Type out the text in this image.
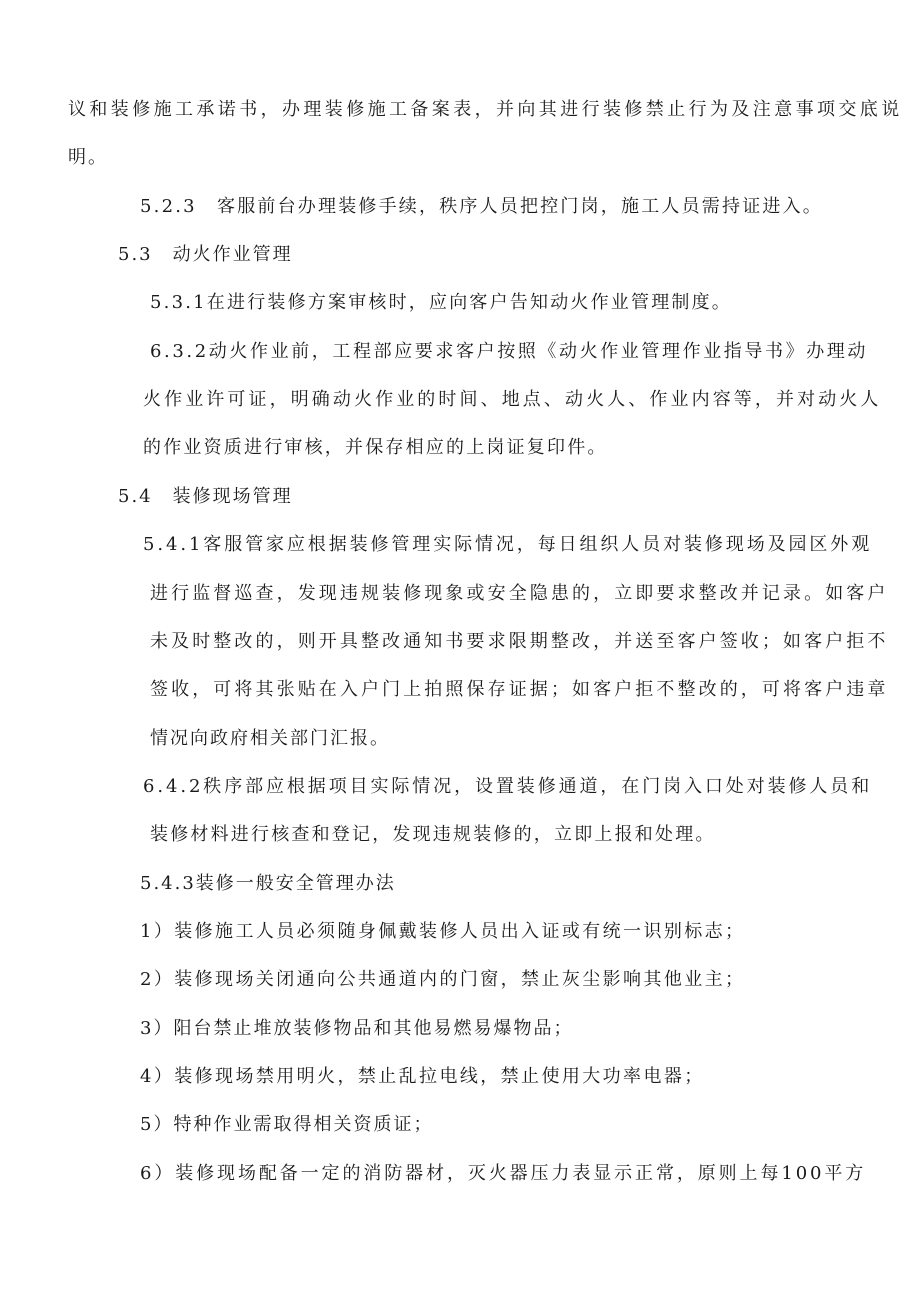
议和装修施工承诺书，办理装修施工备案表，并向其进行装修禁止行为及注意事项交底说
明。
5.2.3　客服前台办理装修手续，秩序人员把控门岗，施工人员需持证进入。
5.3　动火作业管理
5.3.1在进行装修方案审核时，应向客户告知动火作业管理制度。
6.3.2动火作业前，工程部应要求客户按照《动火作业管理作业指导书》办理动
火作业许可证，明确动火作业的时间、地点、动火人、作业内容等，并对动火人
的作业资质进行审核，并保存相应的上岗证复印件。
5.4　装修现场管理
5.4.1客服管家应根据装修管理实际情况，每日组织人员对装修现场及园区外观
进行监督巡查，发现违规装修现象或安全隐患的，立即要求整改并记录。如客户
未及时整改的，则开具整改通知书要求限期整改，并送至客户签收；如客户拒不
签收，可将其张贴在入户门上拍照保存证据；如客户拒不整改的，可将客户违章
情况向政府相关部门汇报。
6.4.2秩序部应根据项目实际情况，设置装修通道，在门岗入口处对装修人员和
装修材料进行核查和登记，发现违规装修的，立即上报和处理。
5.4.3装修一般安全管理办法
1）装修施工人员必须随身佩戴装修人员出入证或有统一识别标志；
2）装修现场关闭通向公共通道内的门窗，禁止灰尘影响其他业主；
3）阳台禁止堆放装修物品和其他易燃易爆物品；
4）装修现场禁用明火，禁止乱拉电线，禁止使用大功率电器；
5）特种作业需取得相关资质证；
6）装修现场配备一定的消防器材，灭火器压力表显示正常，原则上每100平方
